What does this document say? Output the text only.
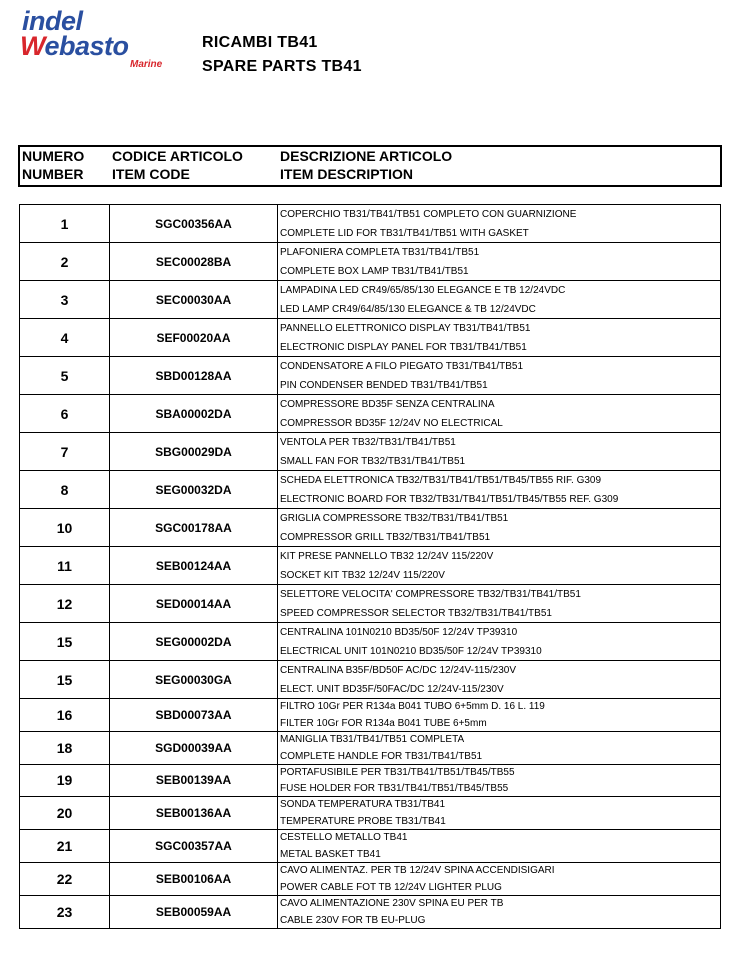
indel
Webasto
Marine
RICAMBI TB41
SPARE PARTS TB41
NUMERO
NUMBER
CODICE ARTICOLO
ITEM CODE
DESCRIZIONE ARTICOLO
ITEM DESCRIPTION
1	SGC00356AA
COPERCHIO TB31/TB41/TB51 COMPLETO CON GUARNIZIONE
COMPLETE LID FOR TB31/TB41/TB51 WITH GASKET
2	SEC00028BA
PLAFONIERA COMPLETA TB31/TB41/TB51
COMPLETE BOX LAMP TB31/TB41/TB51
3	SEC00030AA
LAMPADINA LED CR49/65/85/130 ELEGANCE E TB 12/24VDC
LED LAMP CR49/64/85/130 ELEGANCE & TB 12/24VDC
4	SEF00020AA
PANNELLO ELETTRONICO DISPLAY TB31/TB41/TB51
ELECTRONIC DISPLAY PANEL FOR TB31/TB41/TB51
5	SBD00128AA
CONDENSATORE A FILO PIEGATO TB31/TB41/TB51
PIN CONDENSER BENDED TB31/TB41/TB51
6	SBA00002DA
COMPRESSORE BD35F SENZA CENTRALINA
COMPRESSOR BD35F 12/24V NO ELECTRICAL
7	SBG00029DA
VENTOLA PER TB32/TB31/TB41/TB51
SMALL FAN FOR TB32/TB31/TB41/TB51
8	SEG00032DA
SCHEDA ELETTRONICA TB32/TB31/TB41/TB51/TB45/TB55 RIF. G309
ELECTRONIC BOARD FOR TB32/TB31/TB41/TB51/TB45/TB55 REF. G309
10	SGC00178AA
GRIGLIA COMPRESSORE TB32/TB31/TB41/TB51
COMPRESSOR GRILL TB32/TB31/TB41/TB51
11	SEB00124AA
KIT PRESE PANNELLO TB32 12/24V 115/220V
SOCKET KIT TB32 12/24V 115/220V
12	SED00014AA
SELETTORE VELOCITA' COMPRESSORE TB32/TB31/TB41/TB51
SPEED COMPRESSOR SELECTOR TB32/TB31/TB41/TB51
15	SEG00002DA
CENTRALINA 101N0210 BD35/50F 12/24V TP39310
ELECTRICAL UNIT 101N0210 BD35/50F 12/24V TP39310
15	SEG00030GA
CENTRALINA B35F/BD50F AC/DC 12/24V-115/230V
ELECT. UNIT BD35F/50FAC/DC 12/24V-115/230V
16	SBD00073AA
FILTRO 10Gr PER R134a B041 TUBO 6+5mm D. 16 L. 119
FILTER 10Gr FOR R134a B041 TUBE 6+5mm
18	SGD00039AA
MANIGLIA TB31/TB41/TB51 COMPLETA
COMPLETE HANDLE FOR TB31/TB41/TB51
19	SEB00139AA
PORTAFUSIBILE PER TB31/TB41/TB51/TB45/TB55
FUSE HOLDER FOR TB31/TB41/TB51/TB45/TB55
20	SEB00136AA
SONDA TEMPERATURA TB31/TB41
TEMPERATURE PROBE TB31/TB41
21	SGC00357AA
CESTELLO METALLO TB41
METAL BASKET TB41
22	SEB00106AA
CAVO ALIMENTAZ. PER TB 12/24V SPINA ACCENDISIGARI
POWER CABLE FOT TB 12/24V LIGHTER PLUG
23	SEB00059AA
CAVO ALIMENTAZIONE 230V SPINA EU PER TB
CABLE 230V FOR TB EU-PLUG
